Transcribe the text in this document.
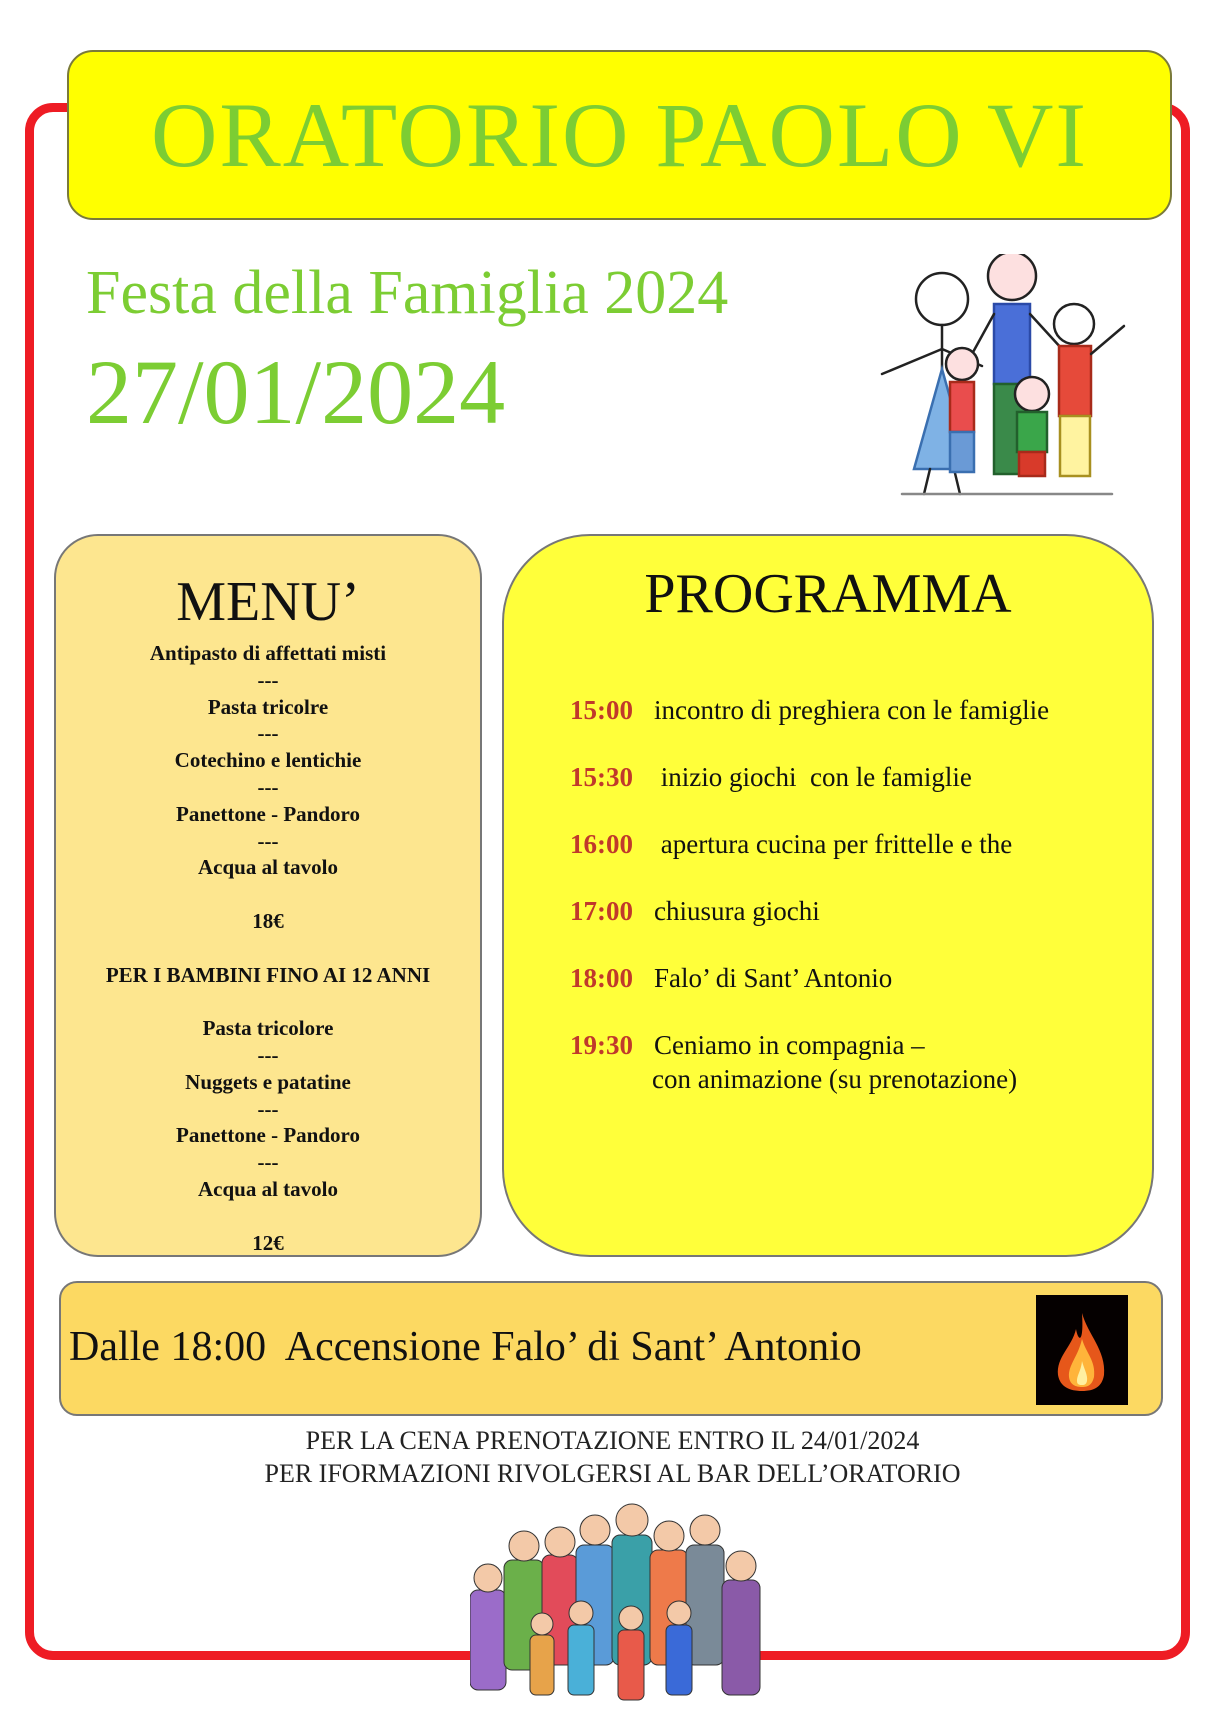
ORATORIO PAOLO VI
Festa della Famiglia 2024
27/01/2024
MENU’
Antipasto di affettati misti
---
Pasta tricolre
---
Cotechino e lentichie
---
Panettone - Pandoro
---
Acqua al tavolo
18€
PER I BAMBINI FINO AI 12 ANNI
Pasta tricolore
---
Nuggets e patatine
---
Panettone - Pandoro
---
Acqua al tavolo
12€
PROGRAMMA
15:00 incontro di preghiera con le famiglie
15:30 inizio giochi  con le famiglie
16:00 apertura cucina per frittelle e the
17:00 chiusura giochi
18:00 Falo’ di Sant’ Antonio
19:30 Ceniamo in compagnia –
con animazione (su prenotazione)

Dalle 18:00  Accensione Falo’ di Sant’ Antonio

PER LA CENA PRENOTAZIONE ENTRO IL 24/01/2024

PER IFORMAZIONI RIVOLGERSI AL BAR DELL’ORATORIO
